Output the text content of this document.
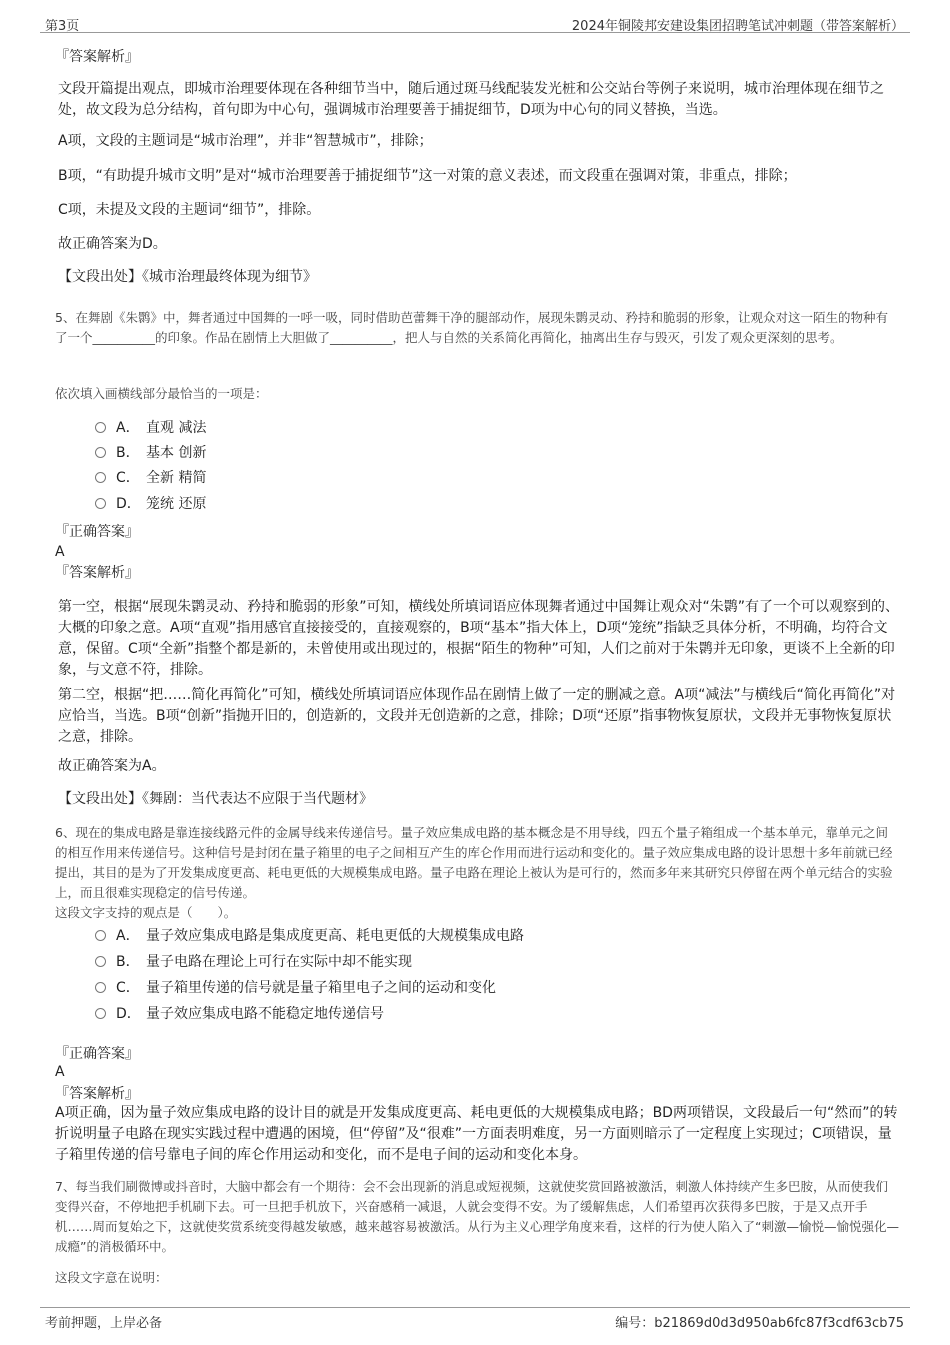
第3页	2024年铜陵邦安建设集团招聘笔试冲刺题（带答案解析）
『答案解析』
文段开篇提出观点，即城市治理要体现在各种细节当中，随后通过斑马线配装发光桩和公交站台等例子来说明，城市治理体现在细节之处，故文段为总分结构，首句即为中心句，强调城市治理要善于捕捉细节，D项为中心句的同义替换，当选。
A项，文段的主题词是“城市治理”，并非“智慧城市”，排除；
B项，“有助提升城市文明”是对“城市治理要善于捕捉细节”这一对策的意义表述，而文段重在强调对策，非重点，排除；
C项，未提及文段的主题词“细节”，排除。
故正确答案为D。
【文段出处】《城市治理最终体现为细节》
5、在舞剧《朱鹮》中，舞者通过中国舞的一呼一吸，同时借助芭蕾舞干净的腿部动作，展现朱鹮灵动、矜持和脆弱的形象，让观众对这一陌生的物种有了一个__________的印象。作品在剧情上大胆做了__________，把人与自然的关系简化再简化，抽离出生存与毁灭，引发了观众更深刻的思考。
依次填入画横线部分最恰当的一项是：
A． 直观 减法
B． 基本 创新
C． 全新 精简
D． 笼统 还原
『正确答案』
A
『答案解析』
第一空，根据“展现朱鹮灵动、矜持和脆弱的形象”可知，横线处所填词语应体现舞者通过中国舞让观众对“朱鹮”有了一个可以观察到的、大概的印象之意。A项“直观”指用感官直接接受的，直接观察的，B项“基本”指大体上，D项“笼统”指缺乏具体分析，不明确，均符合文意，保留。C项“全新”指整个都是新的，未曾使用或出现过的，根据“陌生的物种”可知，人们之前对于朱鹮并无印象，更谈不上全新的印象，与文意不符，排除。
第二空，根据“把……简化再简化”可知，横线处所填词语应体现作品在剧情上做了一定的删减之意。A项“减法”与横线后“简化再简化”对应恰当，当选。B项“创新”指抛开旧的，创造新的，文段并无创造新的之意，排除；D项“还原”指事物恢复原状，文段并无事物恢复原状之意，排除。
故正确答案为A。
【文段出处】《舞剧：当代表达不应限于当代题材》
6、现在的集成电路是靠连接线路元件的金属导线来传递信号。量子效应集成电路的基本概念是不用导线，四五个量子箱组成一个基本单元，靠单元之间的相互作用来传递信号。这种信号是封闭在量子箱里的电子之间相互产生的库仑作用而进行运动和变化的。量子效应集成电路的设计思想十多年前就已经提出，其目的是为了开发集成度更高、耗电更低的大规模集成电路。量子电路在理论上被认为是可行的，然而多年来其研究只停留在两个单元结合的实验上，而且很难实现稳定的信号传递。
这段文字支持的观点是（　　）。
A． 量子效应集成电路是集成度更高、耗电更低的大规模集成电路
B． 量子电路在理论上可行在实际中却不能实现
C． 量子箱里传递的信号就是量子箱里电子之间的运动和变化
D． 量子效应集成电路不能稳定地传递信号
『正确答案』
A
『答案解析』
A项正确，因为量子效应集成电路的设计目的就是开发集成度更高、耗电更低的大规模集成电路；BD两项错误，文段最后一句“然而”的转折说明量子电路在现实实践过程中遭遇的困境，但“停留”及“很难”一方面表明难度，另一方面则暗示了一定程度上实现过；C项错误，量子箱里传递的信号靠电子间的库仑作用运动和变化，而不是电子间的运动和变化本身。
7、每当我们刷微博或抖音时，大脑中都会有一个期待：会不会出现新的消息或短视频，这就使奖赏回路被激活，刺激人体持续产生多巴胺，从而使我们变得兴奋，不停地把手机刷下去。可一旦把手机放下，兴奋感稍一减退，人就会变得不安。为了缓解焦虑，人们希望再次获得多巴胺，于是又点开手机……周而复始之下，这就使奖赏系统变得越发敏感，越来越容易被激活。从行为主义心理学角度来看，这样的行为使人陷入了“刺激—愉悦—愉悦强化—成瘾”的消极循环中。
这段文字意在说明：
考前押题，上岸必备	编号：b21869d0d3d950ab6fc87f3cdf63cb75
